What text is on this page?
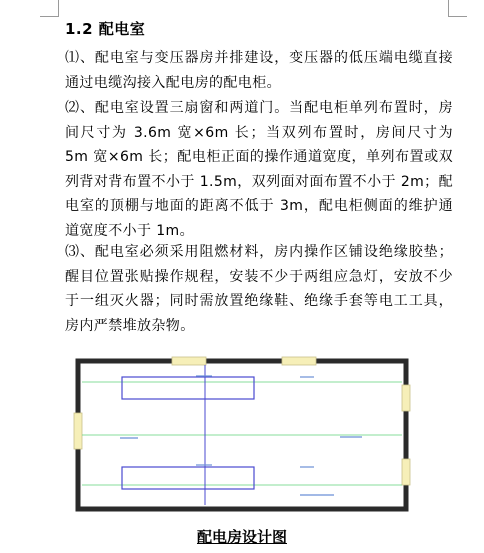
1.2 配电室

⑴、配电室与变压器房并排建设，变压器的低压端电缆直接通过电缆沟接入配电房的配电柜。

⑵、配电室设置三扇窗和两道门。当配电柜单列布置时，房间尺寸为 3.6m 宽×6m 长；当双列布置时，房间尺寸为 5m 宽×6m 长；配电柜正面的操作通道宽度，单列布置或双列背对背布置不小于 1.5m，双列面对面布置不小于 2m；配电室的顶棚与地面的距离不低于 3m，配电柜侧面的维护通道宽度不小于 1m。

⑶、配电室必须采用阻燃材料，房内操作区铺设绝缘胶垫；醒目位置张贴操作规程，安装不少于两组应急灯，安放不少于一组灭火器；同时需放置绝缘鞋、绝缘手套等电工工具，房内严禁堆放杂物。

配电房设计图
